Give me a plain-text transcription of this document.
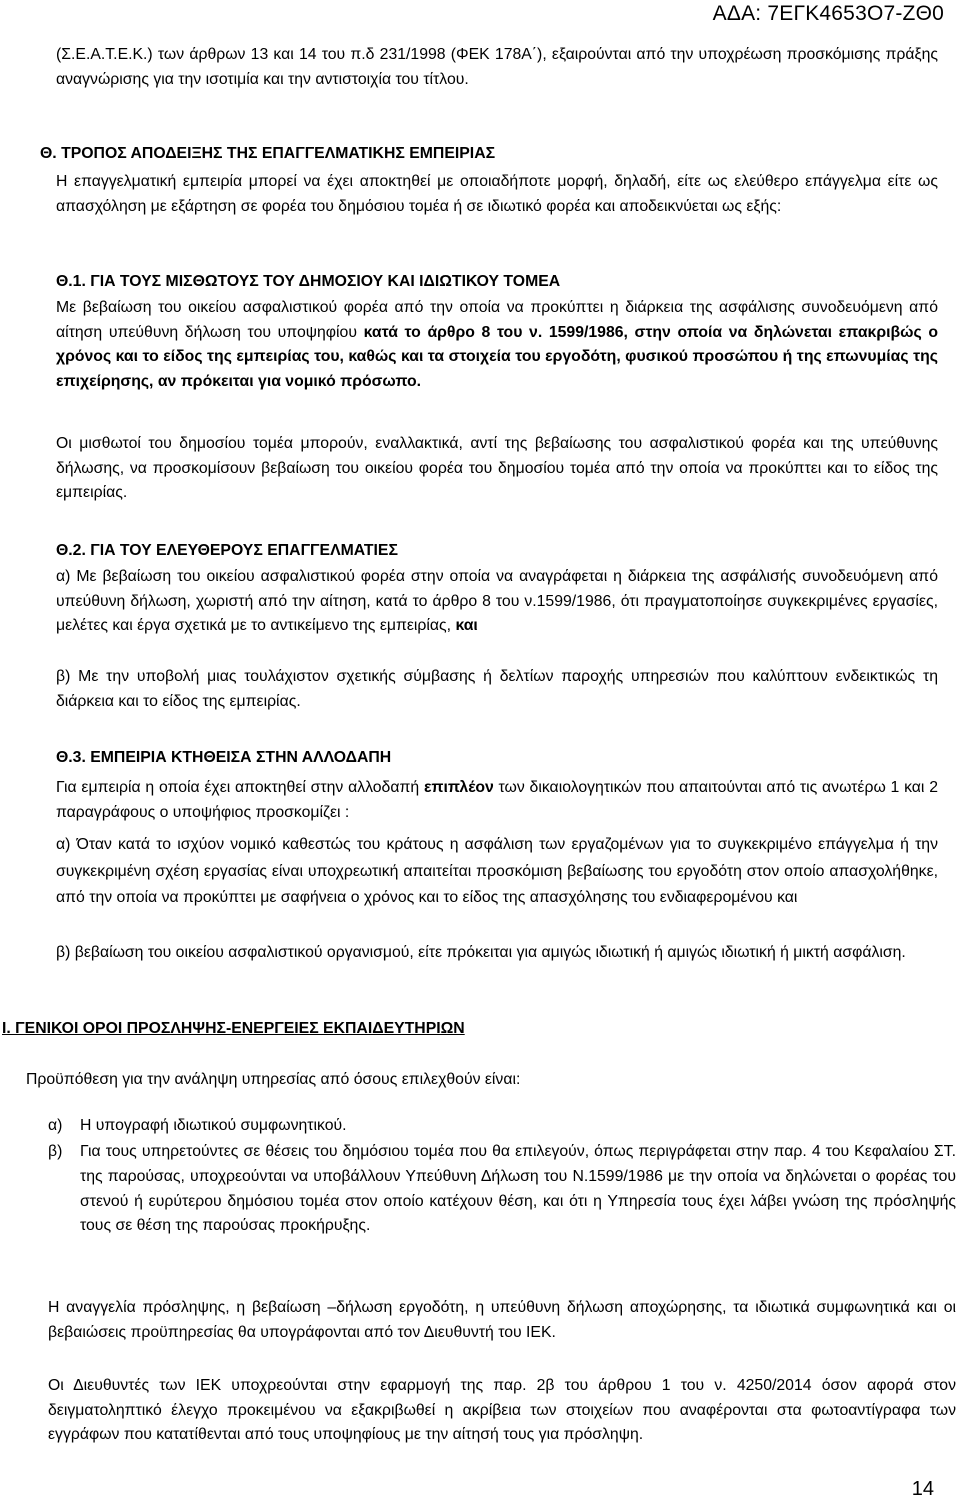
ΑΔΑ: 7ΕΓΚ4653Ο7-ΖΘ0
(Σ.Ε.Α.Τ.Ε.Κ.) των άρθρων 13 και 14 του π.δ 231/1998 (ΦΕΚ 178Α΄), εξαιρούνται από την υποχρέωση προσκόμισης πράξης αναγνώρισης για την ισοτιμία και την αντιστοιχία του τίτλου.
Θ. ΤΡΟΠΟΣ ΑΠΟΔΕΙΞΗΣ ΤΗΣ ΕΠΑΓΓΕΛΜΑΤΙΚΗΣ ΕΜΠΕΙΡΙΑΣ
Η επαγγελματική εμπειρία μπορεί να έχει αποκτηθεί με οποιαδήποτε μορφή, δηλαδή, είτε ως ελεύθερο επάγγελμα είτε ως απασχόληση με εξάρτηση σε φορέα του δημόσιου τομέα ή σε ιδιωτικό φορέα και αποδεικνύεται ως εξής:
Θ.1. ΓΙΑ ΤΟΥΣ ΜΙΣΘΩΤΟΥΣ ΤΟΥ ΔΗΜΟΣΙΟΥ ΚΑΙ ΙΔΙΩΤΙΚΟΥ ΤΟΜΕΑ
Με βεβαίωση του οικείου ασφαλιστικού φορέα από την οποία να προκύπτει η διάρκεια της ασφάλισης συνοδευόμενη από αίτηση υπεύθυνη δήλωση του υποψηφίου κατά το άρθρο 8 του ν. 1599/1986, στην οποία να δηλώνεται επακριβώς ο χρόνος και το είδος της εμπειρίας του, καθώς και τα στοιχεία του εργοδότη, φυσικού προσώπου ή της επωνυμίας της επιχείρησης, αν πρόκειται για νομικό πρόσωπο.
Οι μισθωτοί του δημοσίου τομέα μπορούν, εναλλακτικά, αντί της βεβαίωσης του ασφαλιστικού φορέα και της υπεύθυνης δήλωσης, να προσκομίσουν βεβαίωση του οικείου φορέα του δημοσίου τομέα από την οποία να προκύπτει και το είδος της εμπειρίας.
Θ.2. ΓΙΑ ΤΟΥ ΕΛΕΥΘΕΡΟΥΣ ΕΠΑΓΓΕΛΜΑΤΙΕΣ
α) Με βεβαίωση του οικείου ασφαλιστικού φορέα στην οποία να αναγράφεται η διάρκεια της ασφάλισής συνοδευόμενη από υπεύθυνη δήλωση, χωριστή από την αίτηση, κατά το άρθρο 8 του ν.1599/1986, ότι πραγματοποίησε συγκεκριμένες εργασίες, μελέτες και έργα σχετικά με το αντικείμενο της εμπειρίας, και
β) Με την υποβολή μιας τουλάχιστον σχετικής σύμβασης ή δελτίων παροχής υπηρεσιών που καλύπτουν ενδεικτικώς τη διάρκεια και το είδος της εμπειρίας.
Θ.3. ΕΜΠΕΙΡΙΑ ΚΤΗΘΕΙΣΑ ΣΤΗΝ ΑΛΛΟΔΑΠΗ
Για εμπειρία η οποία έχει αποκτηθεί στην αλλοδαπή επιπλέον των δικαιολογητικών που απαιτούνται από τις ανωτέρω 1 και 2 παραγράφους ο υποψήφιος προσκομίζει :
α) Όταν κατά το ισχύον νομικό καθεστώς του κράτους η ασφάλιση των εργαζομένων για το συγκεκριμένο επάγγελμα ή την συγκεκριμένη σχέση εργασίας είναι υποχρεωτική απαιτείται προσκόμιση βεβαίωσης του εργοδότη στον οποίο απασχολήθηκε, από την οποία να προκύπτει με σαφήνεια ο χρόνος και το είδος της απασχόλησης του ενδιαφερομένου και
β) βεβαίωση του οικείου ασφαλιστικού οργανισμού, είτε πρόκειται για αμιγώς ιδιωτική ή αμιγώς ιδιωτική ή μικτή ασφάλιση.
Ι. ΓΕΝΙΚΟΙ ΟΡΟΙ ΠΡΟΣΛΗΨΗΣ-ΕΝΕΡΓΕΙΕΣ ΕΚΠΑΙΔΕΥΤΗΡΙΩΝ
Προϋπόθεση για την ανάληψη υπηρεσίας από όσους επιλεχθούν είναι:
α) Η υπογραφή ιδιωτικού συμφωνητικού.
β) Για τους υπηρετούντες σε θέσεις του δημόσιου τομέα που θα επιλεγούν, όπως περιγράφεται στην παρ. 4 του Κεφαλαίου ΣΤ. της παρούσας, υποχρεούνται να υποβάλλουν Υπεύθυνη Δήλωση του Ν.1599/1986 με την οποία να δηλώνεται ο φορέας του στενού ή ευρύτερου δημόσιου τομέα στον οποίο κατέχουν θέση, και ότι η Υπηρεσία τους έχει λάβει γνώση της πρόσληψής τους σε θέση της παρούσας προκήρυξης.
Η αναγγελία πρόσληψης, η βεβαίωση –δήλωση εργοδότη, η υπεύθυνη δήλωση αποχώρησης, τα ιδιωτικά συμφωνητικά και οι βεβαιώσεις προϋπηρεσίας θα υπογράφονται από τον Διευθυντή του ΙΕΚ.
Οι Διευθυντές των ΙΕΚ υποχρεούνται στην εφαρμογή της παρ. 2β του άρθρου 1 του ν. 4250/2014 όσον αφορά στον δειγματοληπτικό έλεγχο προκειμένου να εξακριβωθεί η ακρίβεια των στοιχείων που αναφέρονται στα φωτοαντίγραφα των εγγράφων που κατατίθενται από τους υποψηφίους με την αίτησή τους για πρόσληψη.
14
